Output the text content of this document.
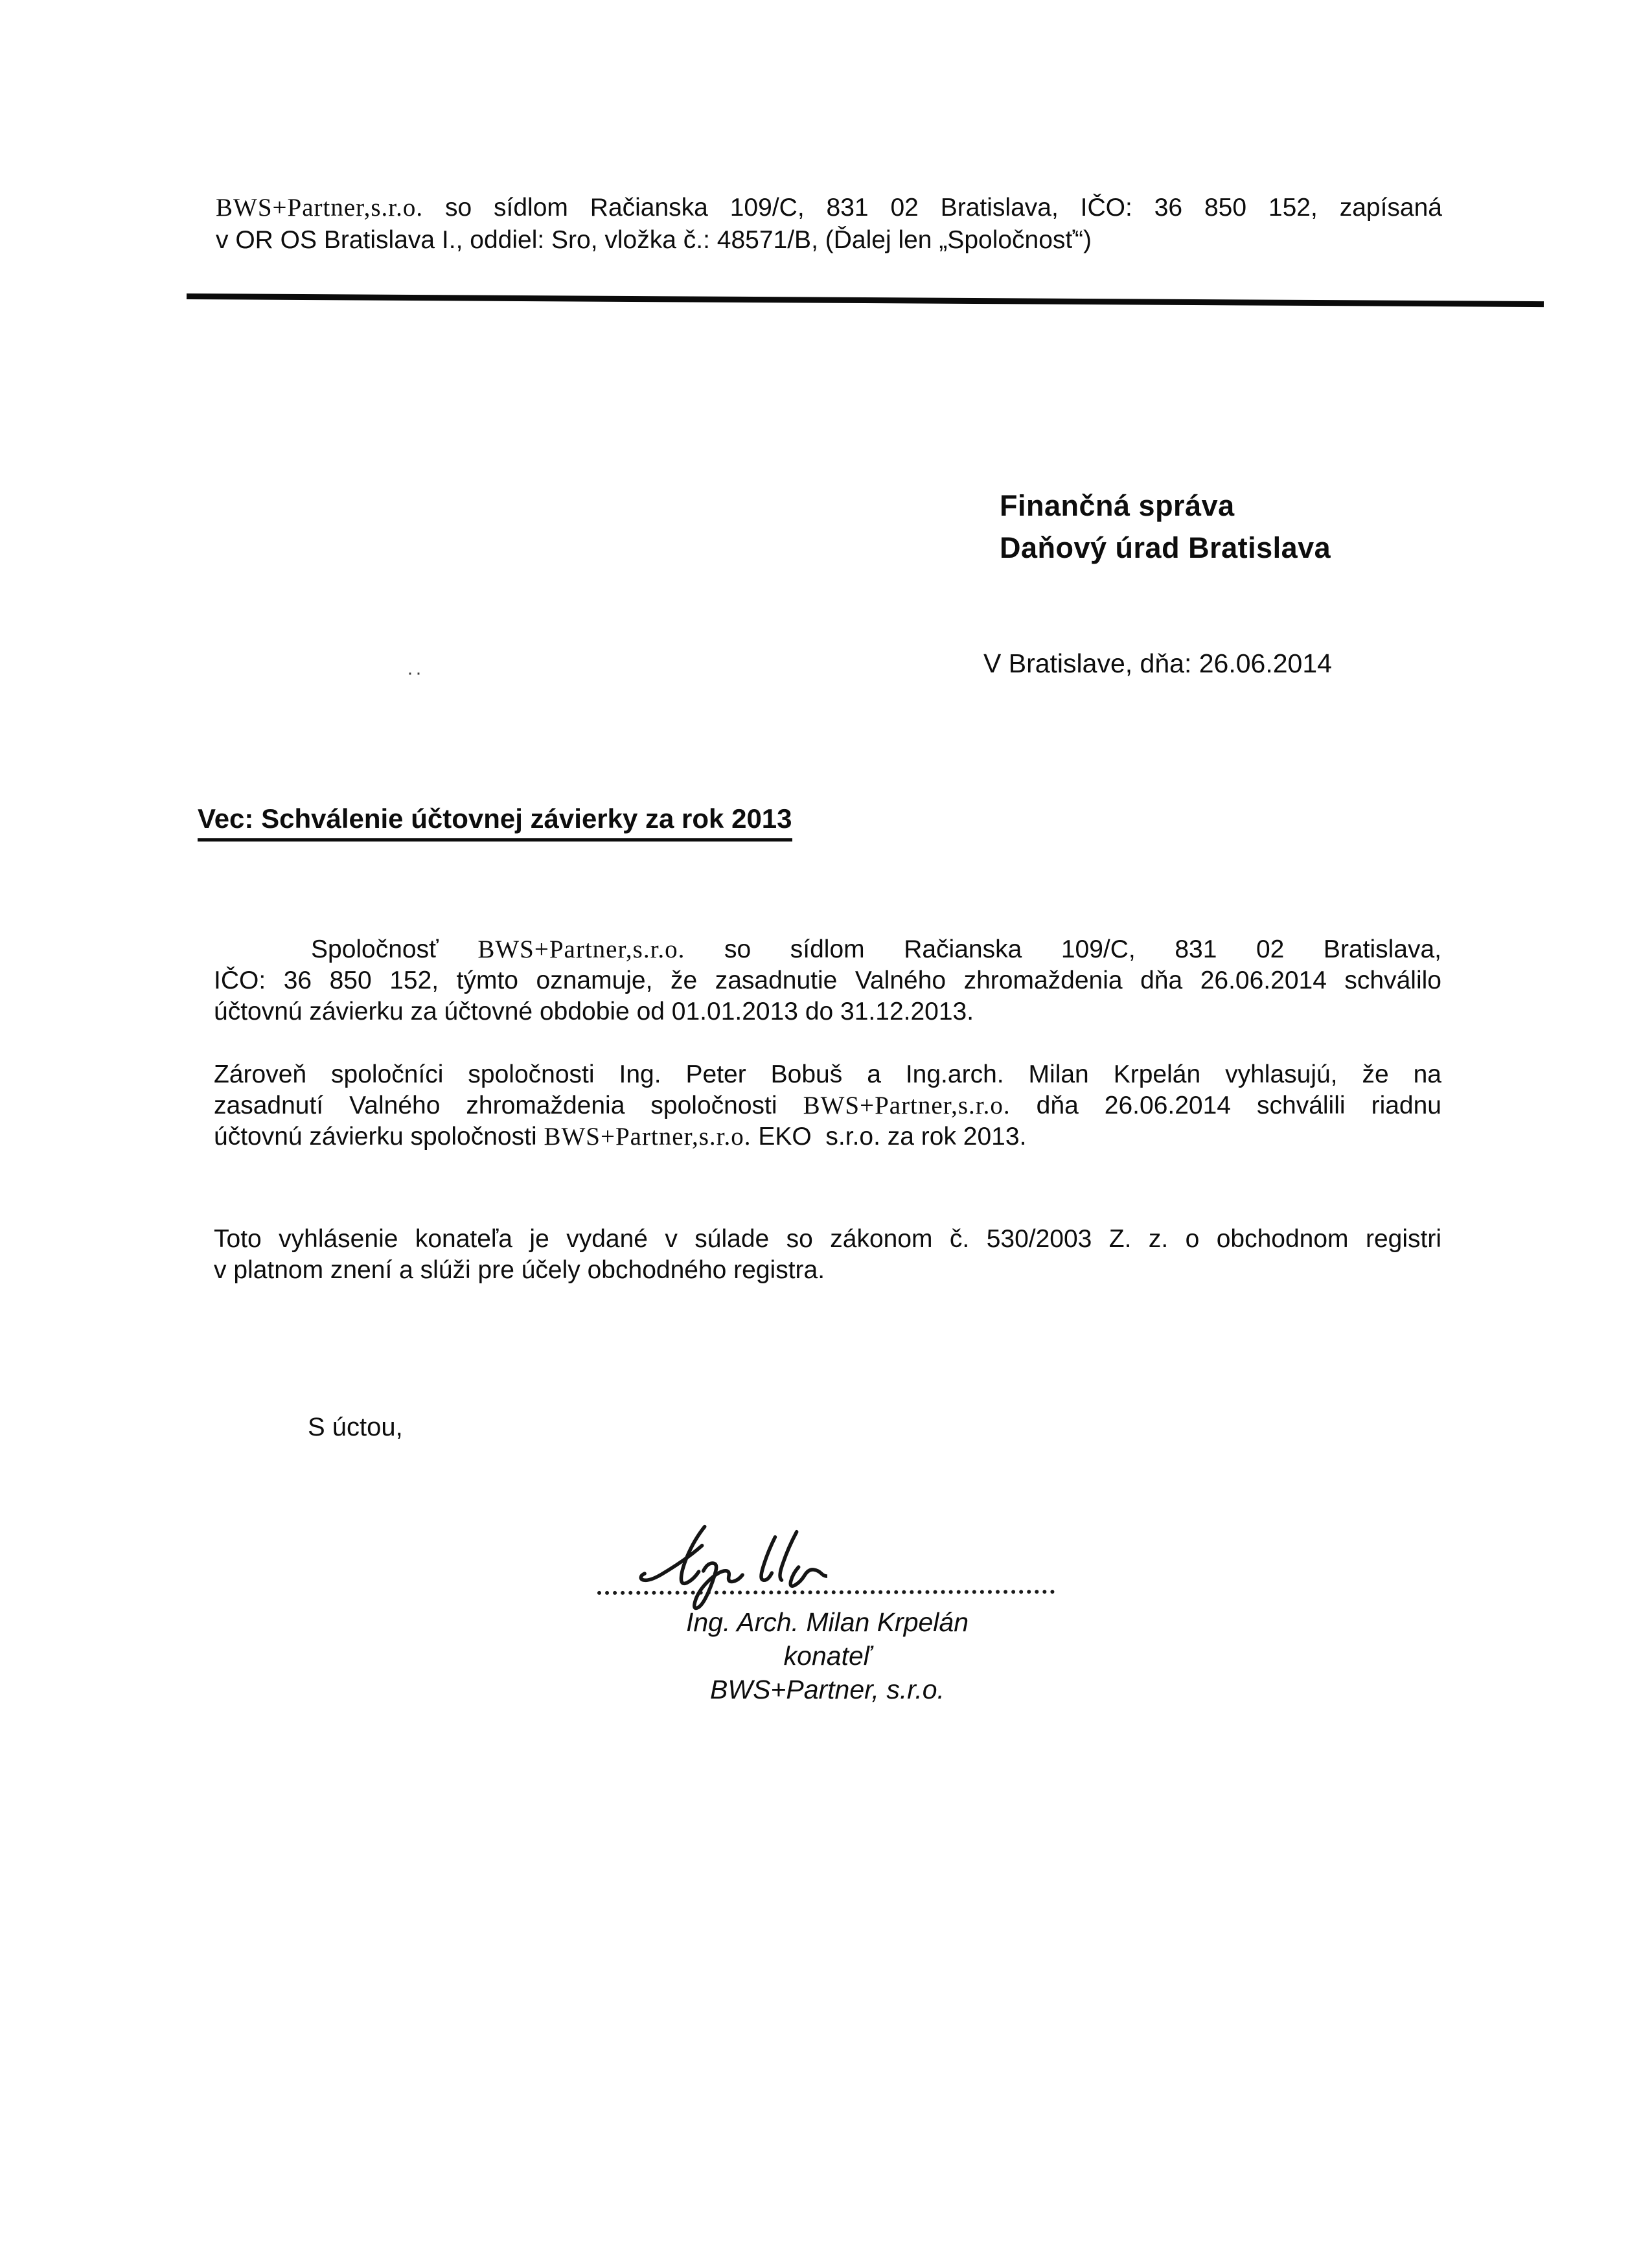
BWS+Partner,s.r.o. so sídlom Račianska 109/C, 831 02 Bratislava, IČO: 36 850 152, zapísaná
v OR OS Bratislava I., oddiel: Sro, vložka č.: 48571/B, (Ďalej len „Spoločnosť“)
Finančná správa
Daňový úrad Bratislava
V Bratislave, dňa: 26.06.2014
··
Vec: Schválenie účtovnej závierky za rok 2013
Spoločnosť BWS+Partner,s.r.o. so sídlom Račianska 109/C, 831 02 Bratislava,
IČO: 36 850 152, týmto oznamuje, že zasadnutie Valného zhromaždenia dňa 26.06.2014 schválilo
účtovnú závierku za účtovné obdobie od 01.01.2013 do 31.12.2013.
Zároveň spoločníci spoločnosti Ing. Peter Bobuš a Ing.arch. Milan Krpelán vyhlasujú, že na
zasadnutí Valného zhromaždenia spoločnosti BWS+Partner,s.r.o. dňa 26.06.2014 schválili riadnu
účtovnú závierku spoločnosti BWS+Partner,s.r.o. EKO  s.r.o. za rok 2013.
Toto vyhlásenie konateľa je vydané v súlade so zákonom č. 530/2003 Z. z. o obchodnom registri
v platnom znení a slúži pre účely obchodného registra.
S úctou,
Ing. Arch. Milan Krpelán
konateľ
BWS+Partner, s.r.o.
